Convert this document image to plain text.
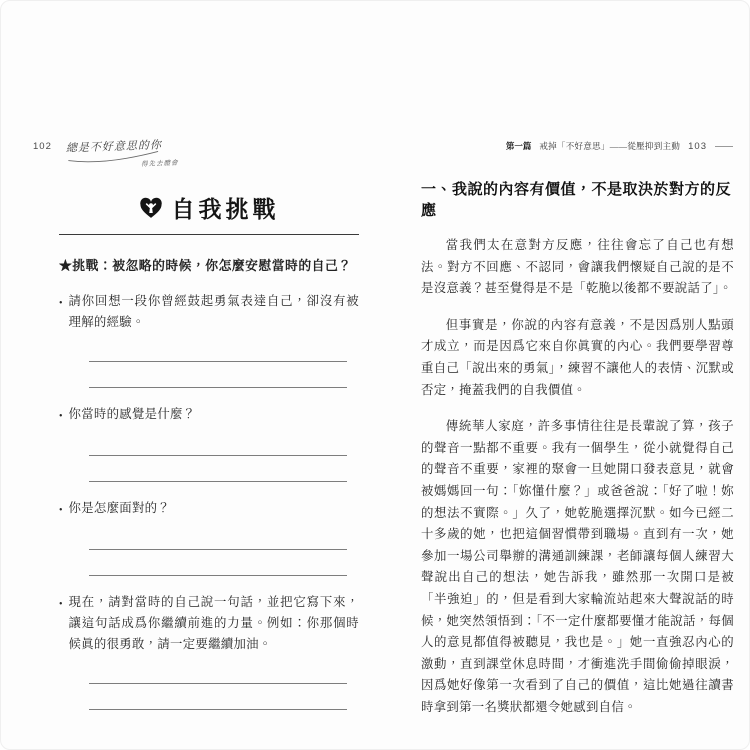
102 總是不好意思的你
得先去體會
自我挑戰
★挑戰：被忽略的時候，你怎麼安慰當時的自己？
• 請你回想一段你曾經鼓起勇氣表達自己，卻沒有被理解的經驗。
• 你當時的感覺是什麼？
• 你是怎麼面對的？
• 現在，請對當時的自己說一句話，並把它寫下來，讓這句話成爲你繼續前進的力量。例如：你那個時候眞的很勇敢，請一定要繼續加油。
第一篇 戒掉「不好意思」——從壓抑到主動 103
一、我說的內容有價值，不是取決於對方的反應

當我們太在意對方反應，往往會忘了自己也有想法。對方不回應、不認同，會讓我們懷疑自己說的是不是沒意義？甚至覺得是不是「乾脆以後都不要說話了」。

但事實是，你說的內容有意義，不是因爲別人點頭才成立，而是因爲它來自你眞實的內心。我們要學習尊重自己「說出來的勇氣」，練習不讓他人的表情、沉默或否定，掩蓋我們的自我價值。

傳統華人家庭，許多事情往往是長輩說了算，孩子的聲音一點都不重要。我有一個學生，從小就覺得自己的聲音不重要，家裡的聚會一旦她開口發表意見，就會被媽媽回一句：「妳懂什麼？」或爸爸說：「好了啦！妳的想法不實際。」久了，她乾脆選擇沉默。如今已經二十多歲的她，也把這個習慣帶到職場。直到有一次，她參加一場公司舉辦的溝通訓練課，老師讓每個人練習大聲說出自己的想法，她告訴我，雖然那一次開口是被「半強迫」的，但是看到大家輪流站起來大聲說話的時候，她突然領悟到：「不一定什麼都要懂才能說話，每個人的意見都值得被聽見，我也是。」她一直強忍內心的激動，直到課堂休息時間，才衝進洗手間偷偷掉眼淚，因爲她好像第一次看到了自己的價值，這比她過往讀書時拿到第一名獎狀都還令她感到自信。
